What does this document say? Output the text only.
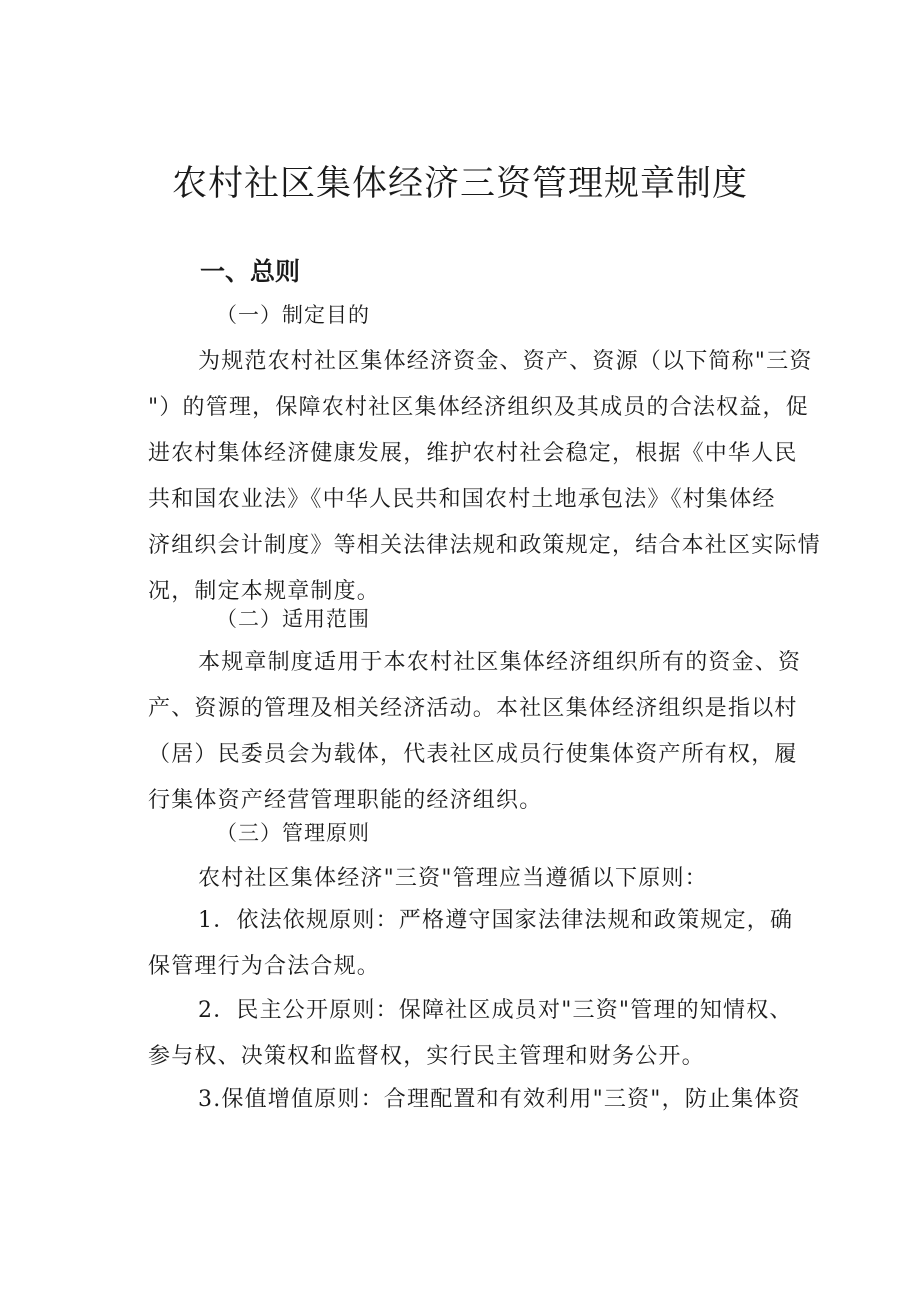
农村社区集体经济三资管理规章制度
一、总则

（一）制定目的

为规范农村社区集体经济资金、资产、资源（以下简称"三资
"）的管理，保障农村社区集体经济组织及其成员的合法权益，促
进农村集体经济健康发展，维护农村社会稳定，根据《中华人民
共和国农业法》《中华人民共和国农村土地承包法》《村集体经
济组织会计制度》等相关法律法规和政策规定，结合本社区实际情
况，制定本规章制度。

（二）适用范围

本规章制度适用于本农村社区集体经济组织所有的资金、资
产、资源的管理及相关经济活动。本社区集体经济组织是指以村
（居）民委员会为载体，代表社区成员行使集体资产所有权，履
行集体资产经营管理职能的经济组织。

（三）管理原则

农村社区集体经济"三资"管理应当遵循以下原则：
1．依法依规原则：严格遵守国家法律法规和政策规定，确
保管理行为合法合规。
2．民主公开原则：保障社区成员对"三资"管理的知情权、
参与权、决策权和监督权，实行民主管理和财务公开。
3.保值增值原则：合理配置和有效利用"三资"，防止集体资
